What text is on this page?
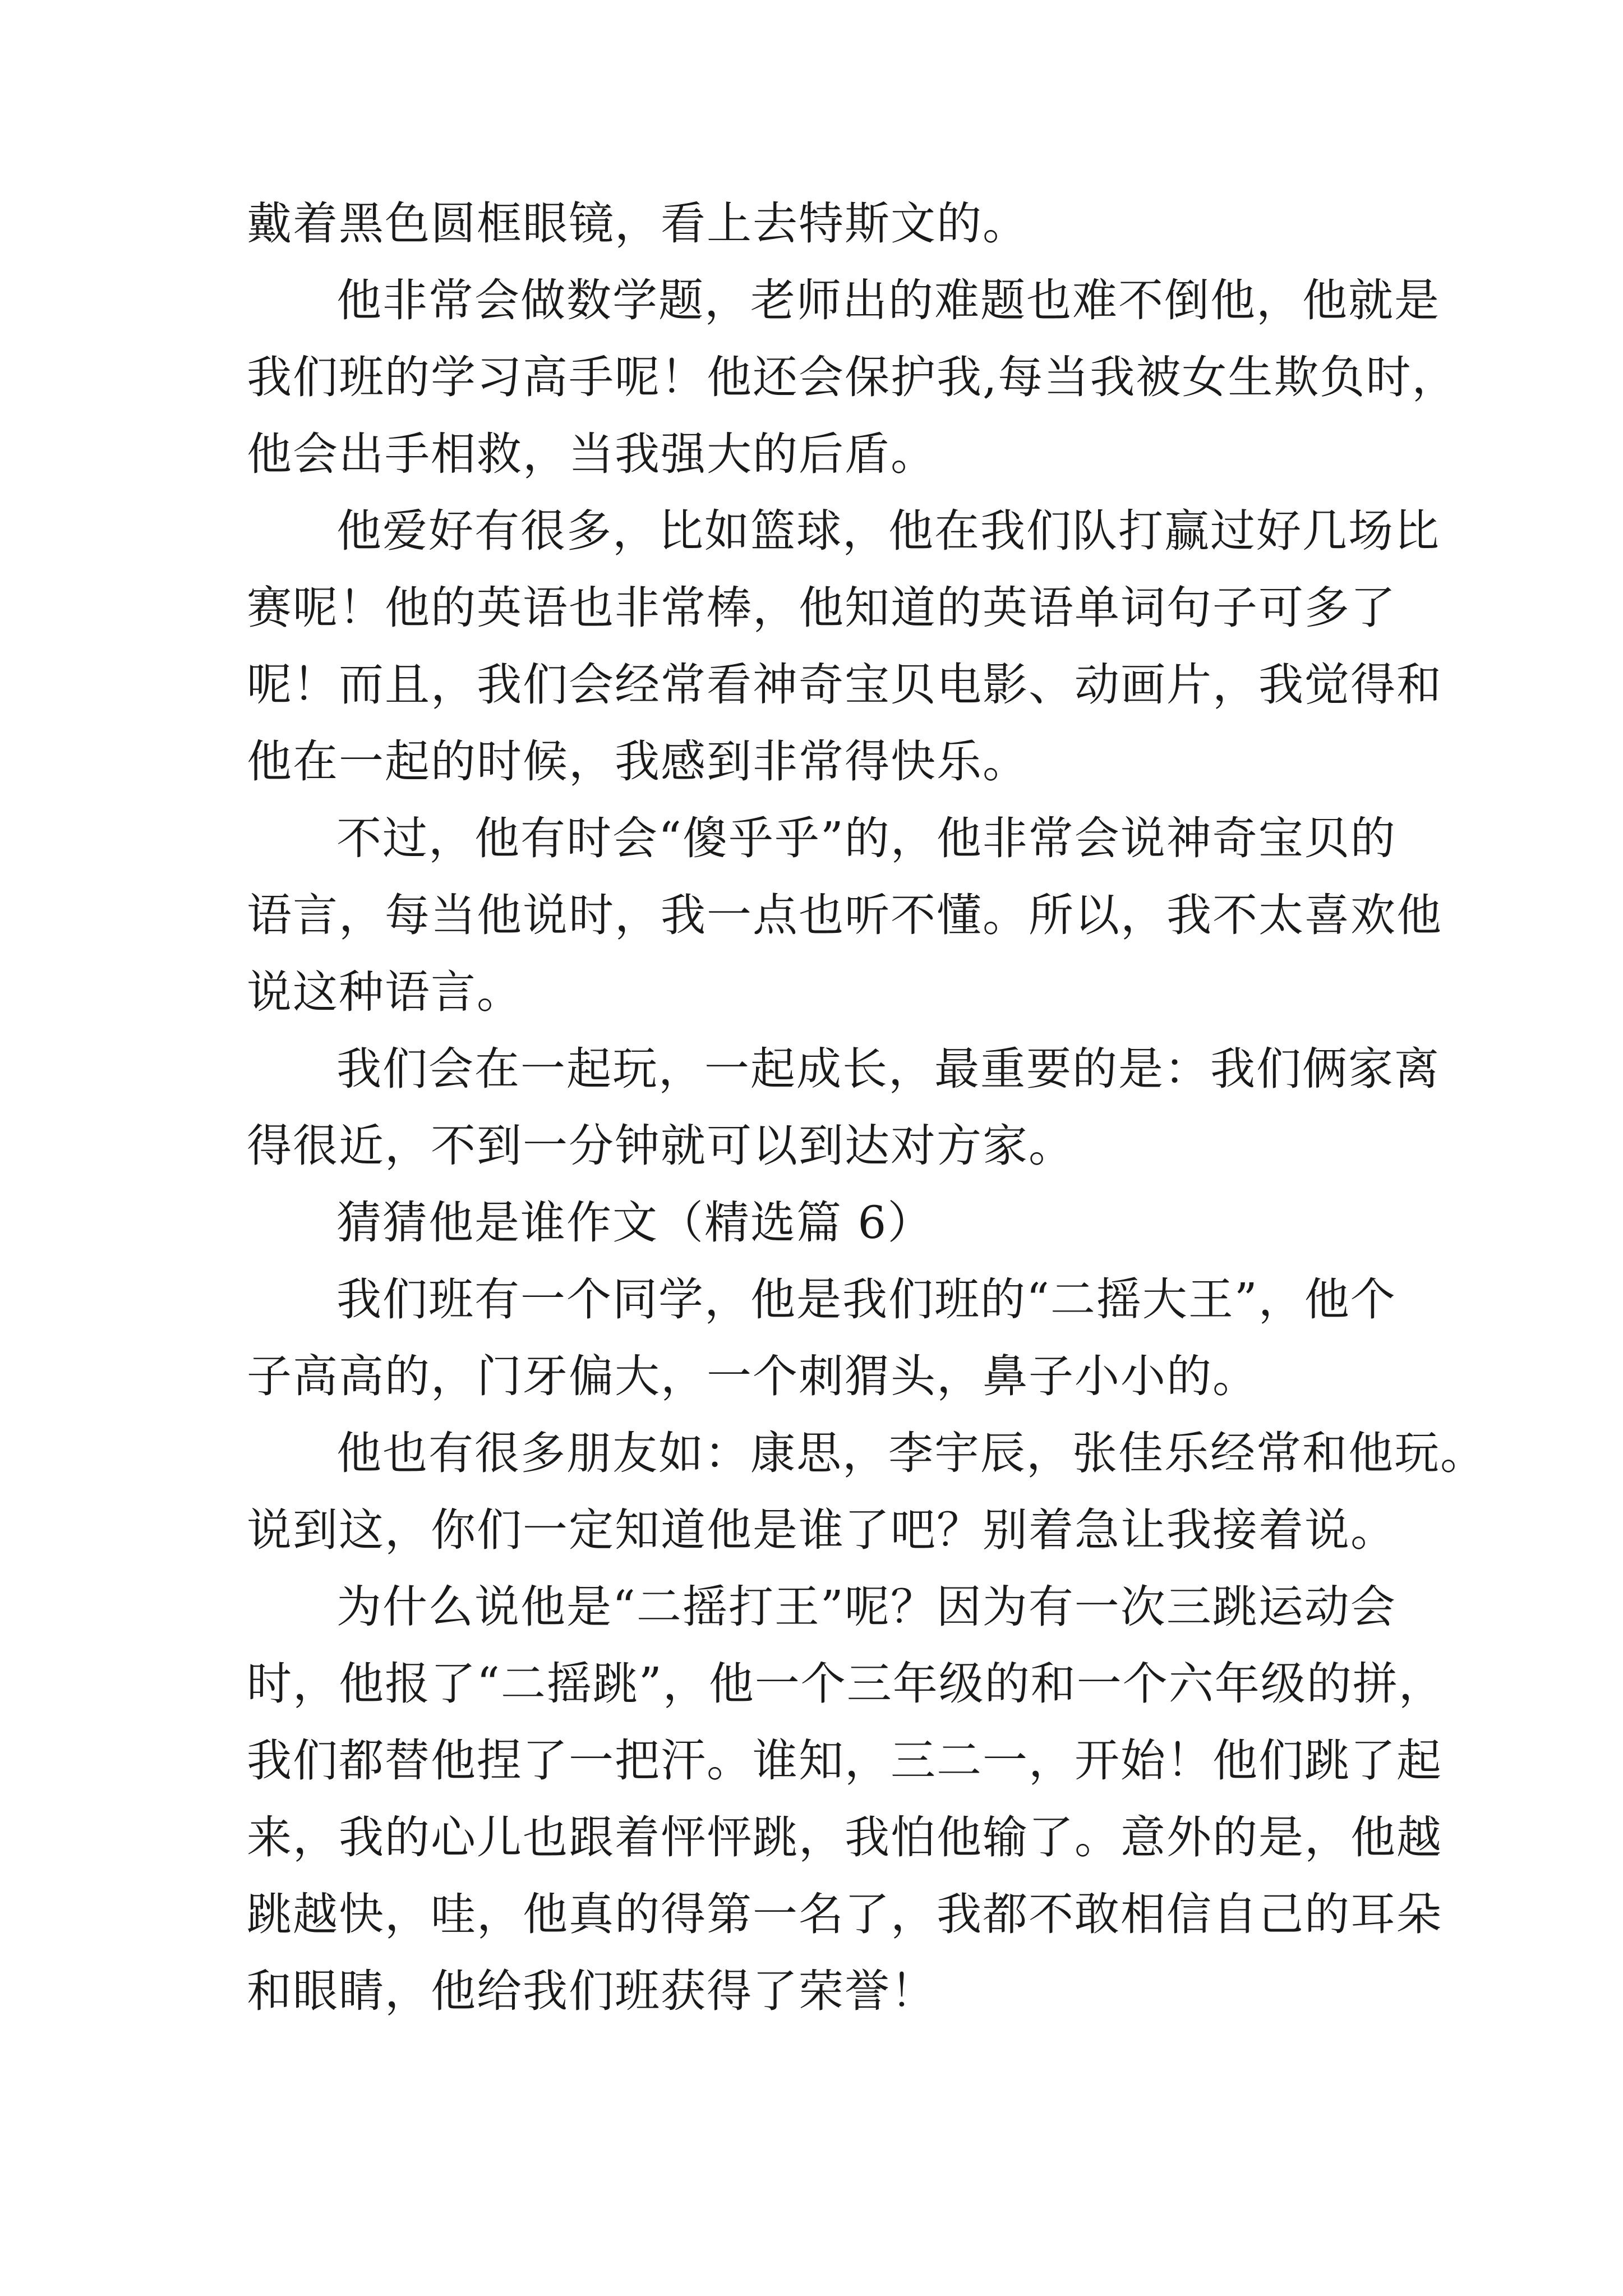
戴着黑色圆框眼镜，看上去特斯文的。
他非常会做数学题，老师出的难题也难不倒他，他就是
我们班的学习高手呢！他还会保护我,每当我被女生欺负时，
他会出手相救，当我强大的后盾。
他爱好有很多，比如篮球，他在我们队打赢过好几场比
赛呢！他的英语也非常棒，他知道的英语单词句子可多了
呢！而且，我们会经常看神奇宝贝电影、动画片，我觉得和
他在一起的时候，我感到非常得快乐。
不过，他有时会“傻乎乎”的，他非常会说神奇宝贝的
语言，每当他说时，我一点也听不懂。所以，我不太喜欢他
说这种语言。
我们会在一起玩，一起成长，最重要的是：我们俩家离
得很近，不到一分钟就可以到达对方家。
猜猜他是谁作文（精选篇 6）
我们班有一个同学，他是我们班的“二摇大王”，他个
子高高的，门牙偏大，一个刺猬头，鼻子小小的。
他也有很多朋友如：康思，李宇辰，张佳乐经常和他玩。
说到这，你们一定知道他是谁了吧？别着急让我接着说。
为什么说他是“二摇打王”呢？因为有一次三跳运动会
时，他报了“二摇跳”，他一个三年级的和一个六年级的拼，
我们都替他捏了一把汗。谁知，三二一，开始！他们跳了起
来，我的心儿也跟着怦怦跳，我怕他输了。意外的是，他越
跳越快，哇，他真的得第一名了，我都不敢相信自己的耳朵
和眼睛，他给我们班获得了荣誉！
